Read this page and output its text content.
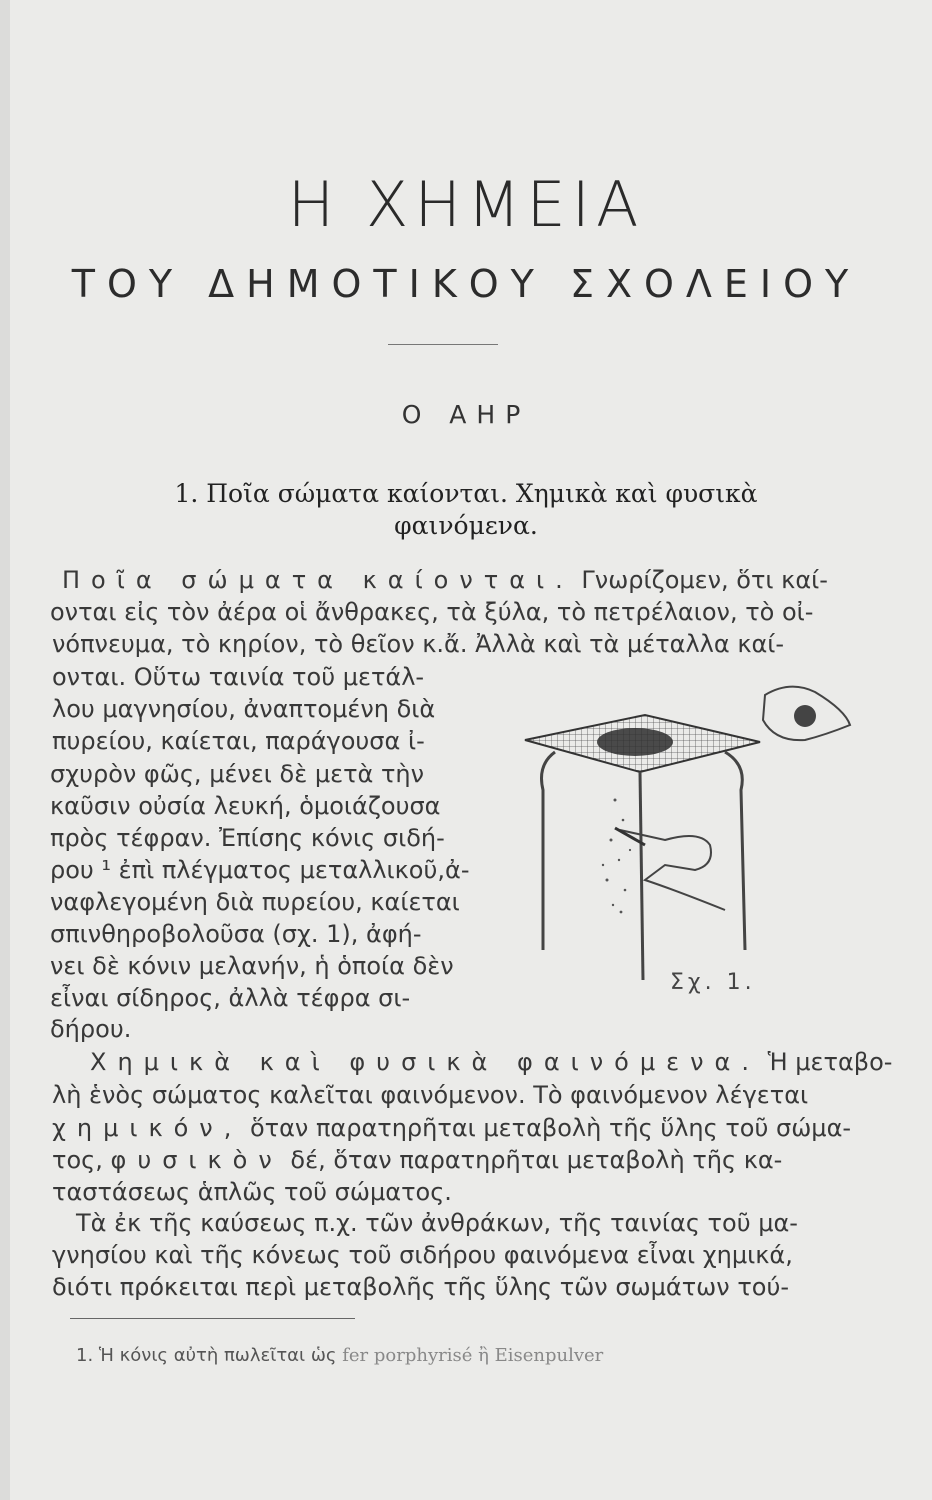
Η ΧΗΜΕΙΑ
ΤΟΥ ΔΗΜΟΤΙΚΟΥ ΣΧΟΛΕΙΟΥ
Ο ΑΗΡ
1. Ποῖα σώματα καίονται. Χημικὰ καὶ φυσικὰ
φαινόμενα.
Ποῖα σώματα καίονται. Γνωρίζομεν, ὅτι καί-
ονται εἰς τὸν ἀέρα οἱ ἄνθρακες, τὰ ξύλα, τὸ πετρέλαιον, τὸ οἰ-
νόπνευμα, τὸ κηρίον, τὸ θεῖον κ.ἄ. Ἀλλὰ καὶ τὰ μέταλλα καί-
ονται. Οὕτω ταινία τοῦ μετάλ-
λου μαγνησίου, ἀναπτομένη διὰ
πυρείου, καίεται, παράγουσα ἰ-
σχυρὸν φῶς, μένει δὲ μετὰ τὴν
καῦσιν οὐσία λευκή, ὁμοιάζουσα
πρὸς τέφραν. Ἐπίσης κόνις σιδή-
ρου ¹ ἐπὶ πλέγματος μεταλλικοῦ,ἀ-
ναφλεγομένη διὰ πυρείου, καίεται
σπινθηροβολοῦσα (σχ. 1), ἀφή-
νει δὲ κόνιν μελανήν, ἡ ὁποία δὲν
εἶναι σίδηρος, ἀλλὰ τέφρα σι-
δήρου.
Σχ. 1.
Χημικὰ καὶ φυσικὰ φαινόμενα. Ἡ μεταβο-
λὴ ἑνὸς σώματος καλεῖται φαινόμενον. Τὸ φαινόμενον λέγεται
χημικόν, ὅταν παρατηρῆται μεταβολὴ τῆς ὕλης τοῦ σώμα-
τος, φυσικὸν δέ, ὅταν παρατηρῆται μεταβολὴ τῆς κα-
ταστάσεως ἁπλῶς τοῦ σώματος.
Τὰ ἐκ τῆς καύσεως π.χ. τῶν ἀνθράκων, τῆς ταινίας τοῦ μα-
γνησίου καὶ τῆς κόνεως τοῦ σιδήρου φαινόμενα εἶναι χημικά,
διότι πρόκειται περὶ μεταβολῆς τῆς ὕλης τῶν σωμάτων τού-
1. Ἡ κόνις αὐτὴ πωλεῖται ὡς fer porphyrisé ἢ Eisenpulver
